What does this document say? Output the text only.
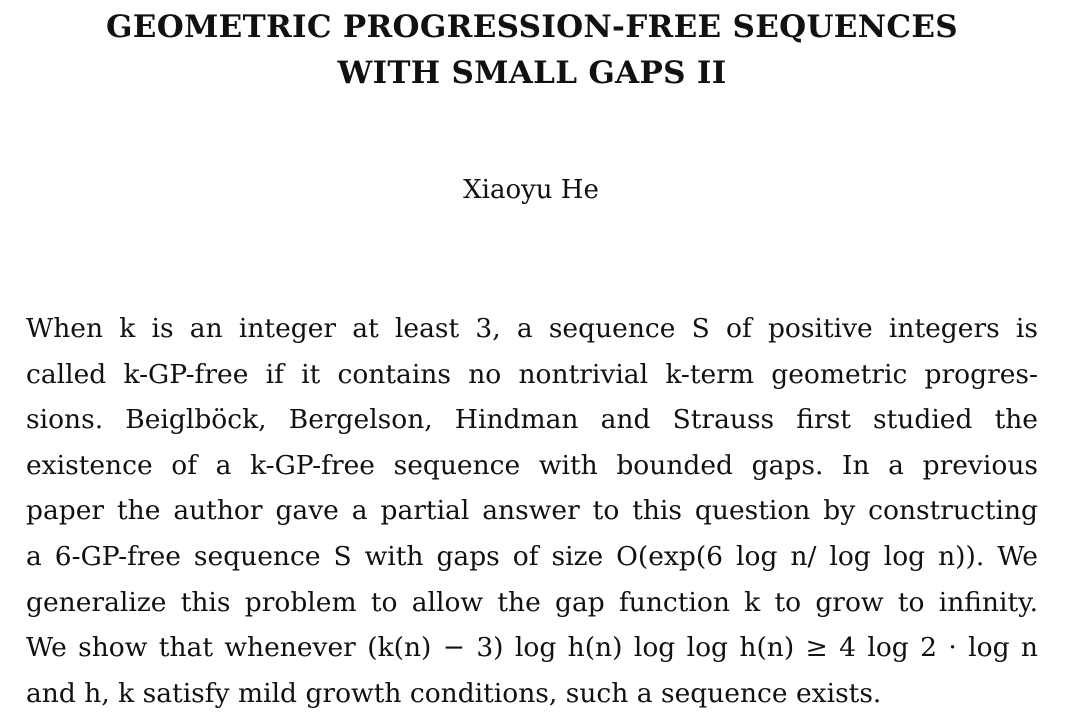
GEOMETRIC PROGRESSION-FREE SEQUENCES
WITH SMALL GAPS II
Xiaoyu He
When k is an integer at least 3, a sequence S of positive integers is
called k-GP-free if it contains no nontrivial k-term geometric progres-
sions. Beiglböck, Bergelson, Hindman and Strauss first studied the
existence of a k-GP-free sequence with bounded gaps. In a previous
paper the author gave a partial answer to this question by constructing
a 6-GP-free sequence S with gaps of size O(exp(6 log n/ log log n)). We
generalize this problem to allow the gap function k to grow to infinity.
We show that whenever (k(n) − 3) log h(n) log log h(n) ≥ 4 log 2 · log n
and h, k satisfy mild growth conditions, such a sequence exists.
